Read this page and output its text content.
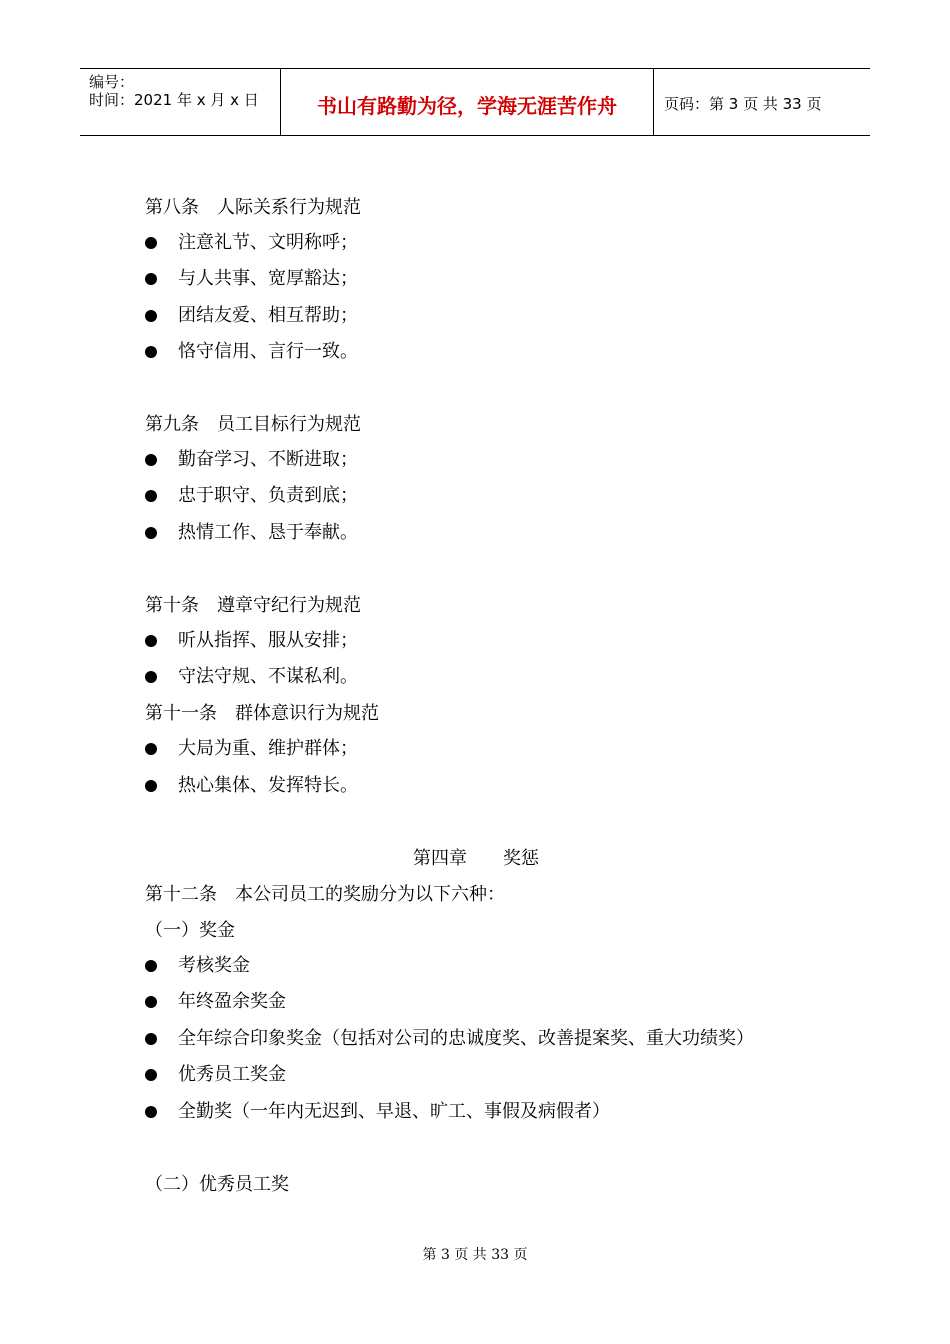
编号：
时间：2021 年 x 月 x 日	书山有路勤为径，学海无涯苦作舟	页码：第 3 页 共 33 页
第八条　人际关系行为规范
注意礼节、文明称呼；
与人共事、宽厚豁达；
团结友爱、相互帮助；
恪守信用、言行一致。
第九条　员工目标行为规范
勤奋学习、不断进取；
忠于职守、负责到底；
热情工作、恳于奉献。
第十条　遵章守纪行为规范
听从指挥、服从安排；
守法守规、不谋私利。
第十一条　群体意识行为规范
大局为重、维护群体；
热心集体、发挥特长。
第四章　　奖惩
第十二条　本公司员工的奖励分为以下六种：
（一）奖金
考核奖金
年终盈余奖金
全年综合印象奖金（包括对公司的忠诚度奖、改善提案奖、重大功绩奖）
优秀员工奖金
全勤奖（一年内无迟到、早退、旷工、事假及病假者）
（二）优秀员工奖
第 3 页 共 33 页
